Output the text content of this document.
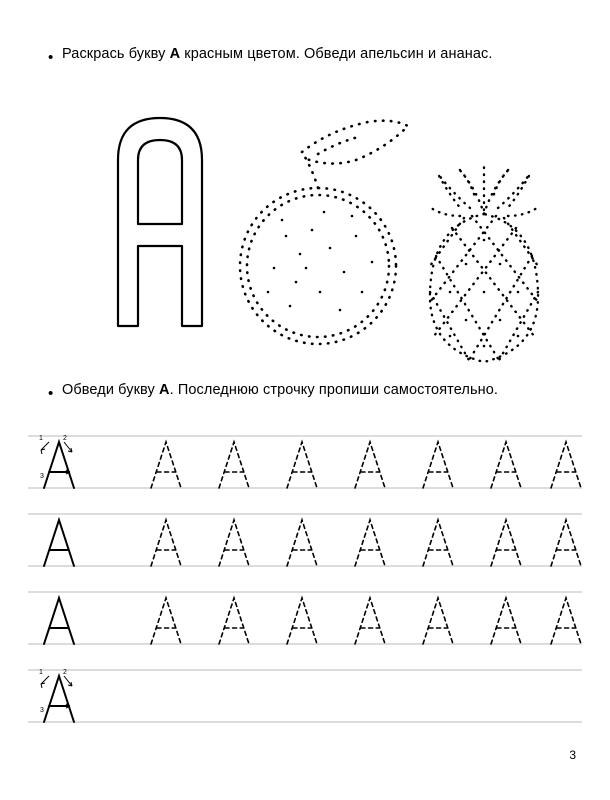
• Раскрась букву А красным цветом. Обведи апельсин и ананас.
• Обведи букву А. Последнюю строчку пропиши самостоятельно.
1	2
3
1	2
3
3
